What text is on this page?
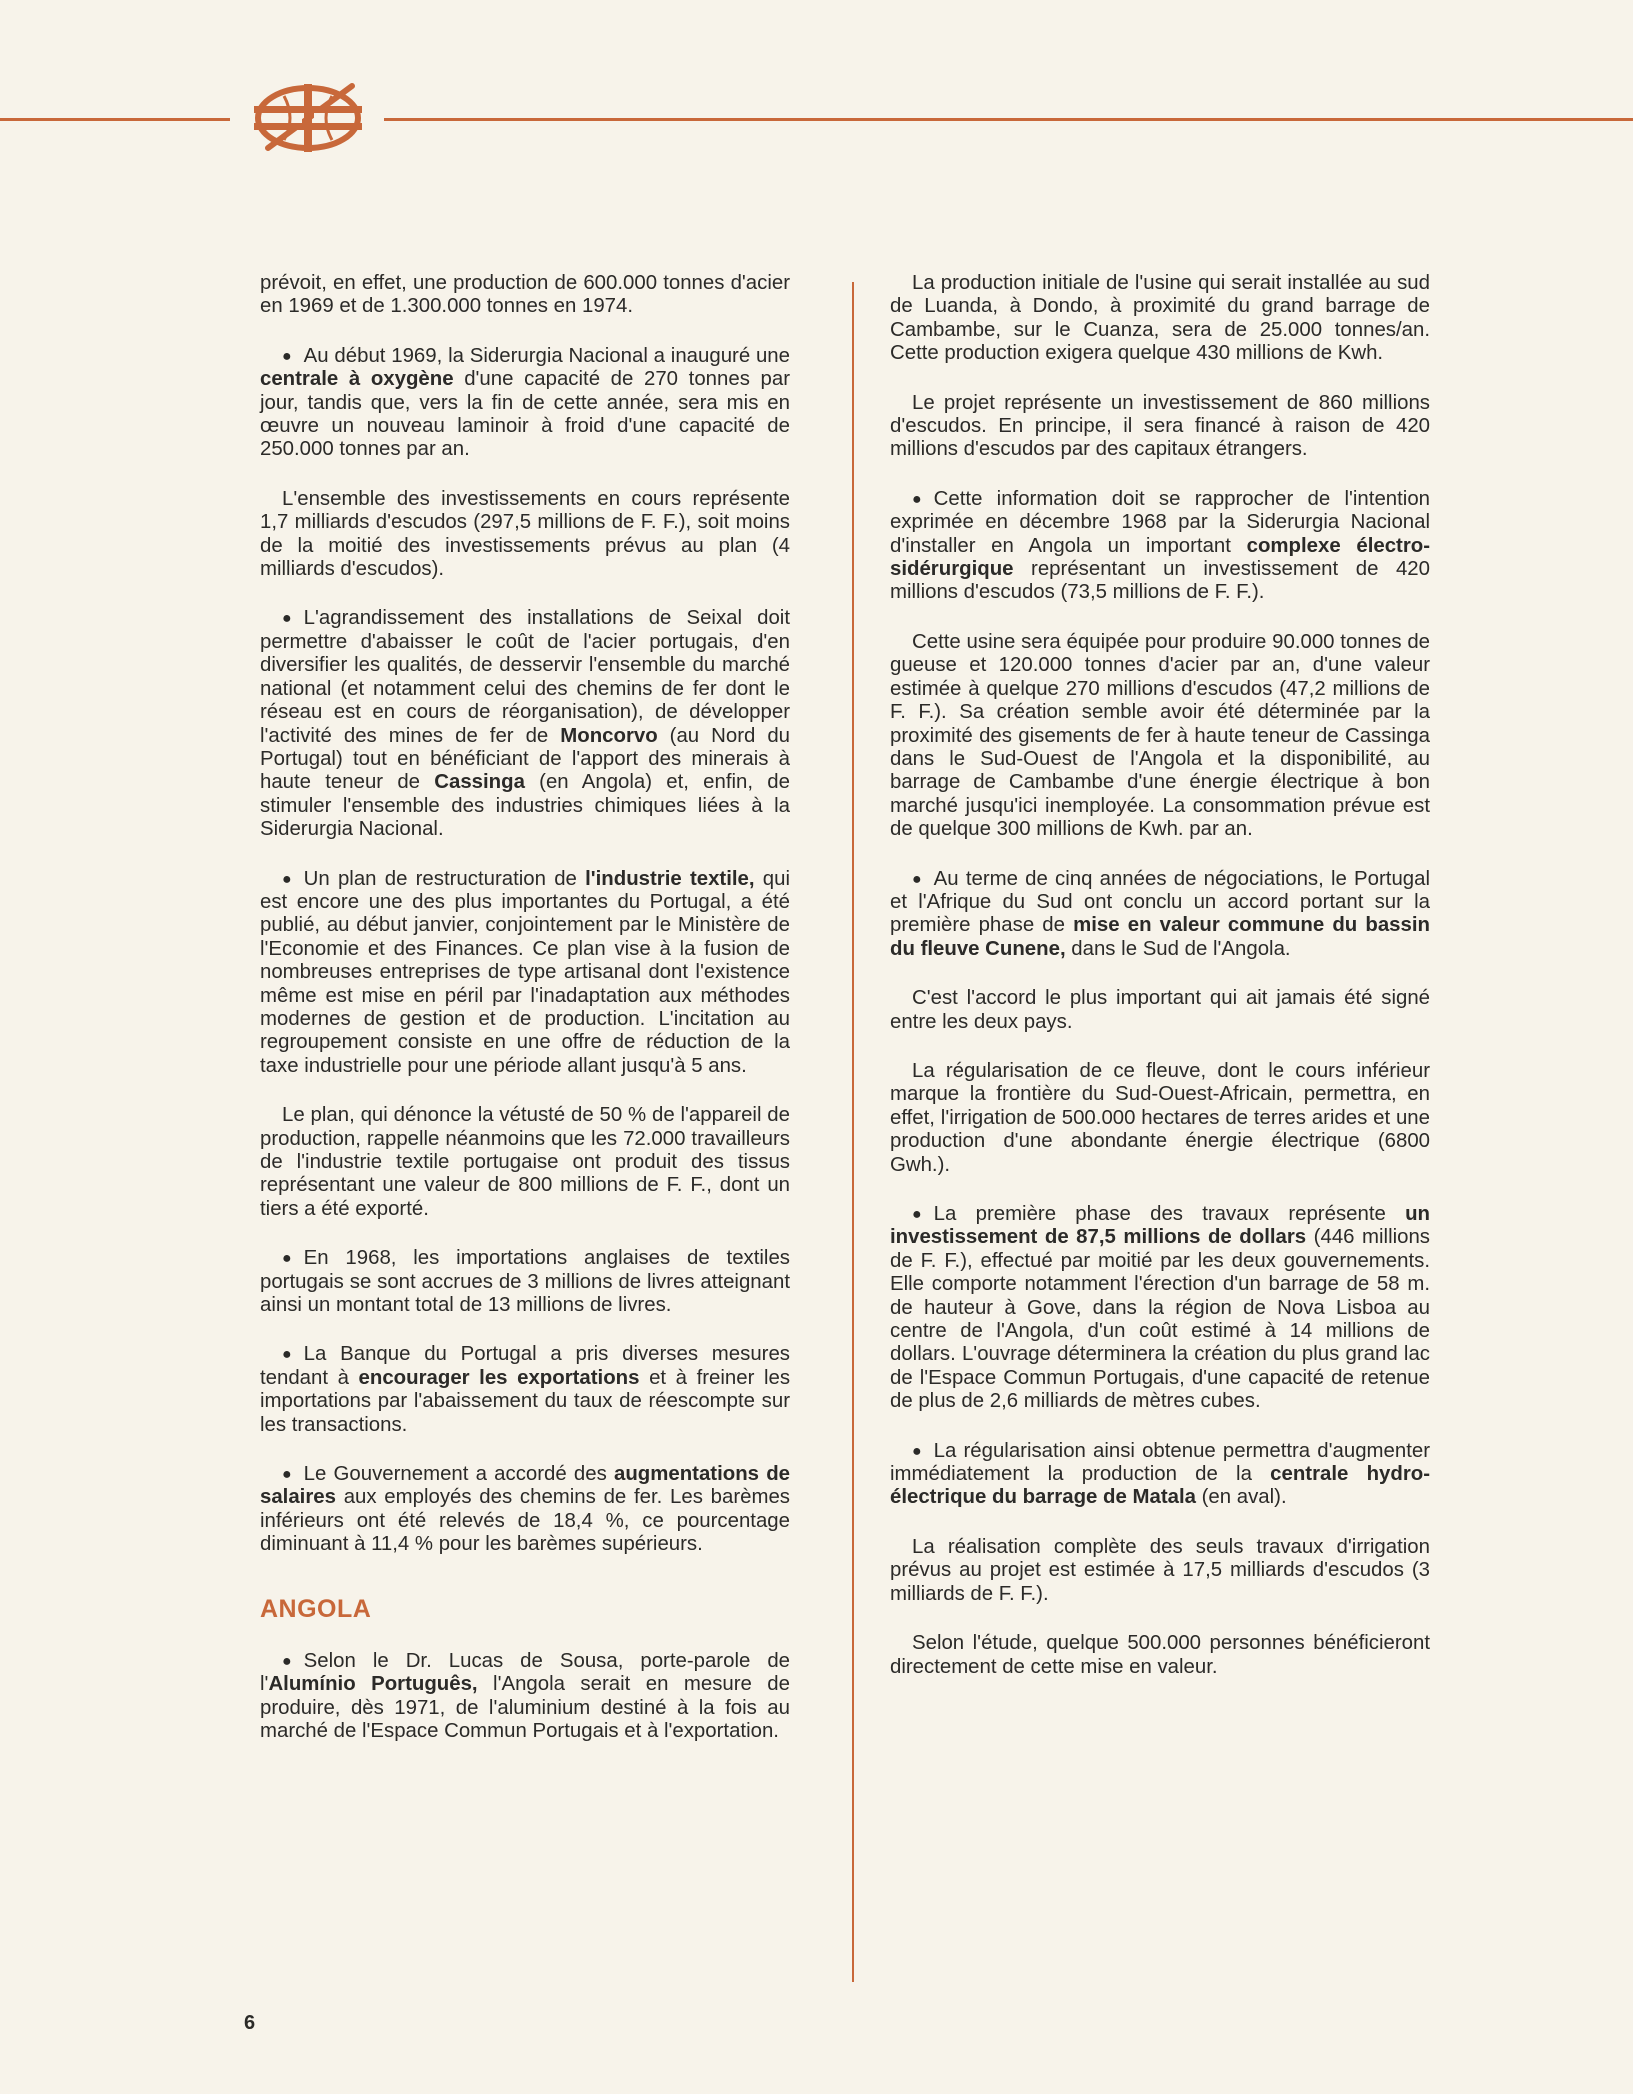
prévoit, en effet, une production de 600.000 tonnes d'acier en 1969 et de 1.300.000 tonnes en 1974.

● Au début 1969, la Siderurgia Nacional a inauguré une centrale à oxygène d'une capacité de 270 tonnes par jour, tandis que, vers la fin de cette année, sera mis en œuvre un nouveau laminoir à froid d'une capacité de 250.000 tonnes par an.

L'ensemble des investissements en cours représente 1,7 milliards d'escudos (297,5 millions de F. F.), soit moins de la moitié des investissements prévus au plan (4 milliards d'escudos).

● L'agrandissement des installations de Seixal doit permettre d'abaisser le coût de l'acier portugais, d'en diversifier les qualités, de desservir l'ensemble du marché national (et notamment celui des chemins de fer dont le réseau est en cours de réorganisation), de développer l'activité des mines de fer de Moncorvo (au Nord du Portugal) tout en bénéficiant de l'apport des minerais à haute teneur de Cassinga (en Angola) et, enfin, de stimuler l'ensemble des industries chimiques liées à la Siderurgia Nacional.

● Un plan de restructuration de l'industrie textile, qui est encore une des plus importantes du Portugal, a été publié, au début janvier, conjointement par le Ministère de l'Economie et des Finances. Ce plan vise à la fusion de nombreuses entreprises de type artisanal dont l'existence même est mise en péril par l'inadaptation aux méthodes modernes de gestion et de production. L'incitation au regroupement consiste en une offre de réduction de la taxe industrielle pour une période allant jusqu'à 5 ans.

Le plan, qui dénonce la vétusté de 50 % de l'appareil de production, rappelle néanmoins que les 72.000 travailleurs de l'industrie textile portugaise ont produit des tissus représentant une valeur de 800 millions de F. F., dont un tiers a été exporté.

● En 1968, les importations anglaises de textiles portugais se sont accrues de 3 millions de livres atteignant ainsi un montant total de 13 millions de livres.

● La Banque du Portugal a pris diverses mesures tendant à encourager les exportations et à freiner les importations par l'abaissement du taux de réescompte sur les transactions.

● Le Gouvernement a accordé des augmentations de salaires aux employés des chemins de fer. Les barèmes inférieurs ont été relevés de 18,4 %, ce pourcentage diminuant à 11,4 % pour les barèmes supérieurs.

ANGOLA

● Selon le Dr. Lucas de Sousa, porte-parole de l'Alumínio Português, l'Angola serait en mesure de produire, dès 1971, de l'aluminium destiné à la fois au marché de l'Espace Commun Portugais et à l'exportation.

La production initiale de l'usine qui serait installée au sud de Luanda, à Dondo, à proximité du grand barrage de Cambambe, sur le Cuanza, sera de 25.000 tonnes/an. Cette production exigera quelque 430 millions de Kwh.

Le projet représente un investissement de 860 millions d'escudos. En principe, il sera financé à raison de 420 millions d'escudos par des capitaux étrangers.

● Cette information doit se rapprocher de l'intention exprimée en décembre 1968 par la Siderurgia Nacional d'installer en Angola un important complexe électro-sidérurgique représentant un investissement de 420 millions d'escudos (73,5 millions de F. F.).

Cette usine sera équipée pour produire 90.000 tonnes de gueuse et 120.000 tonnes d'acier par an, d'une valeur estimée à quelque 270 millions d'escudos (47,2 millions de F. F.). Sa création semble avoir été déterminée par la proximité des gisements de fer à haute teneur de Cassinga dans le Sud-Ouest de l'Angola et la disponibilité, au barrage de Cambambe d'une énergie électrique à bon marché jusqu'ici inemployée. La consommation prévue est de quelque 300 millions de Kwh. par an.

● Au terme de cinq années de négociations, le Portugal et l'Afrique du Sud ont conclu un accord portant sur la première phase de mise en valeur commune du bassin du fleuve Cunene, dans le Sud de l'Angola.

C'est l'accord le plus important qui ait jamais été signé entre les deux pays.

La régularisation de ce fleuve, dont le cours inférieur marque la frontière du Sud-Ouest-Africain, permettra, en effet, l'irrigation de 500.000 hectares de terres arides et une production d'une abondante énergie électrique (6800 Gwh.).

● La première phase des travaux représente un investissement de 87,5 millions de dollars (446 millions de F. F.), effectué par moitié par les deux gouvernements. Elle comporte notamment l'érection d'un barrage de 58 m. de hauteur à Gove, dans la région de Nova Lisboa au centre de l'Angola, d'un coût estimé à 14 millions de dollars. L'ouvrage déterminera la création du plus grand lac de l'Espace Commun Portugais, d'une capacité de retenue de plus de 2,6 milliards de mètres cubes.

● La régularisation ainsi obtenue permettra d'augmenter immédiatement la production de la centrale hydro-électrique du barrage de Matala (en aval).

La réalisation complète des seuls travaux d'irrigation prévus au projet est estimée à 17,5 milliards d'escudos (3 milliards de F. F.).

Selon l'étude, quelque 500.000 personnes bénéficieront directement de cette mise en valeur.

6
